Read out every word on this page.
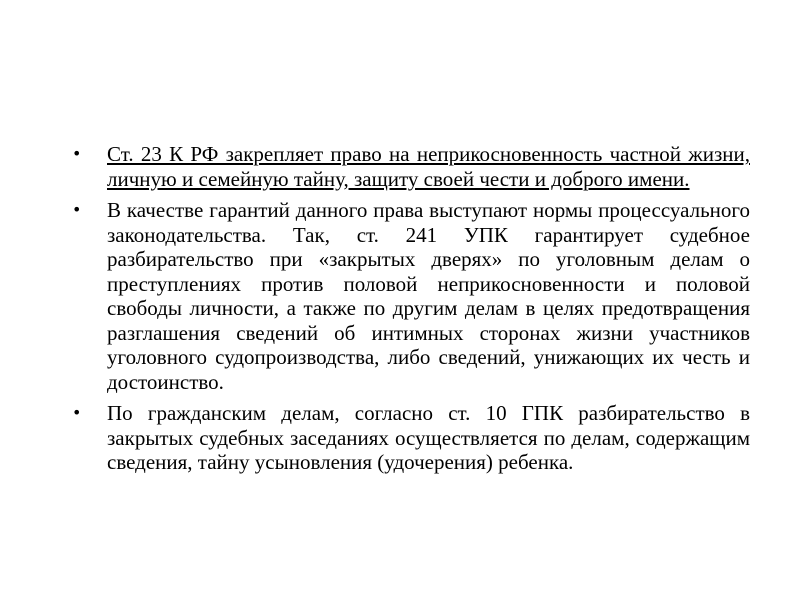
•	Ст. 23 К РФ закрепляет право на неприкосновенность частной жизни, личную и семейную тайну, защиту своей чести и доброго имени.
•	В качестве гарантий данного права выступают нормы процессуального законодательства. Так, ст. 241 УПК гарантирует судебное разбирательство при «закрытых дверях» по уголовным делам о преступлениях против половой неприкосновенности и половой свободы личности, а также по другим делам в целях предотвращения разглашения сведений об интимных сторонах жизни участников уголовного судопроизводства, либо сведений, унижающих их честь и достоинство.
•	По гражданским делам, согласно ст. 10 ГПК разбирательство в закрытых судебных заседаниях осуществляется по делам, содержащим сведения, тайну усыновления (удочерения) ребенка.
